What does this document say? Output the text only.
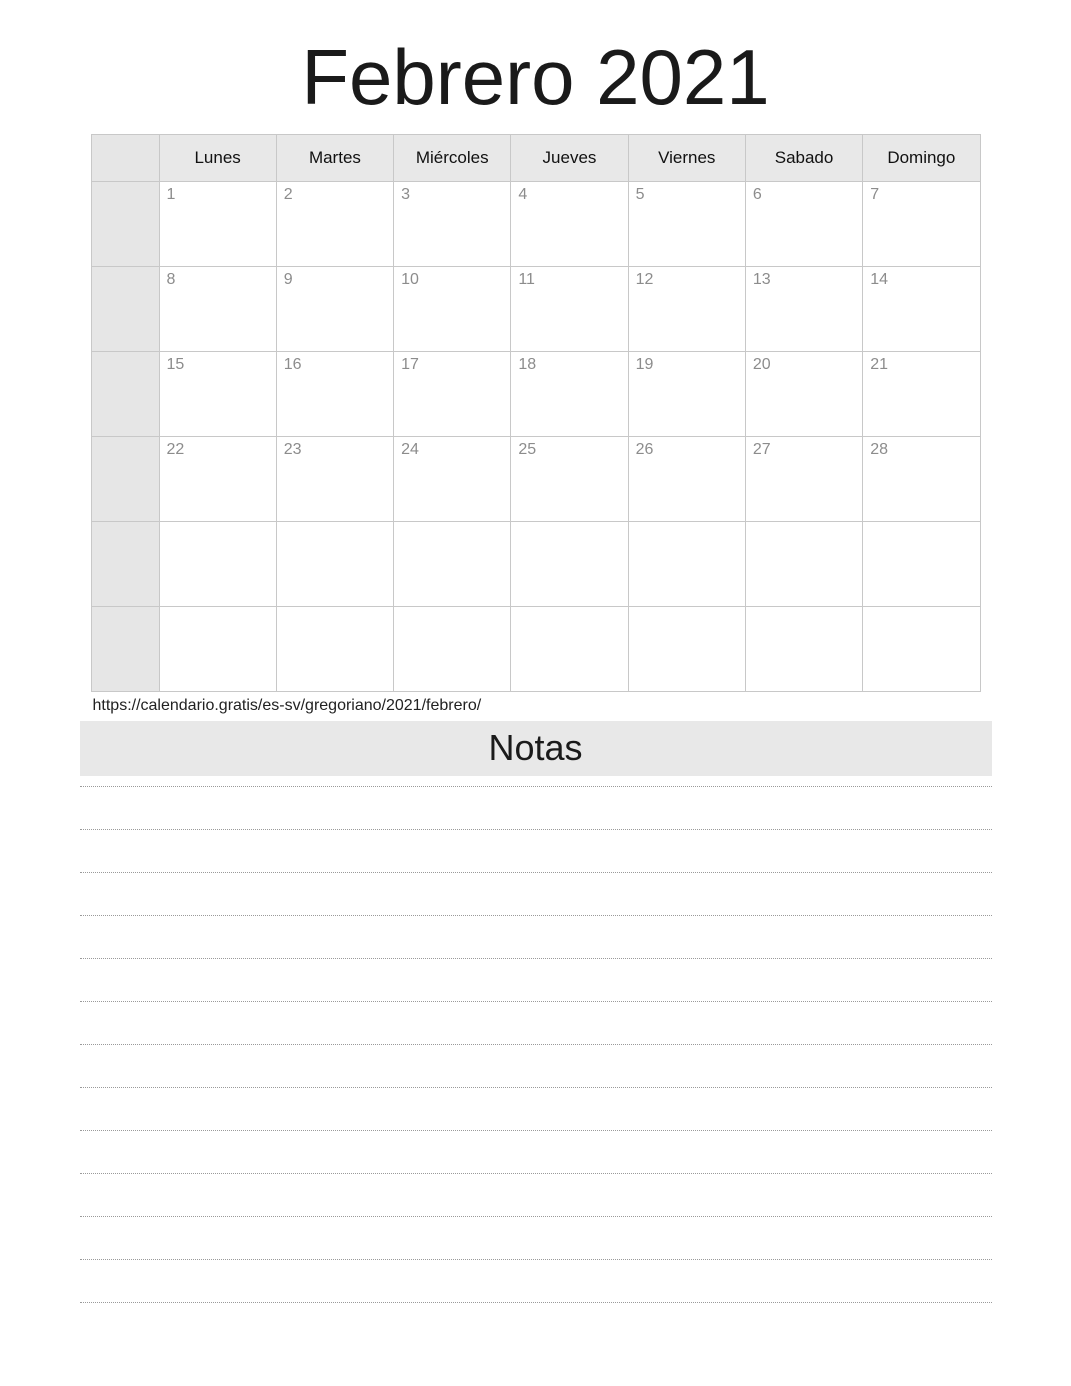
Febrero 2021
	Lunes	Martes	Miércoles	Jueves	Viernes	Sabado	Domingo

	1	2	3	4	5	6	7

	8	9	10	11	12	13	14

	15	16	17	18	19	20	21

	22	23	24	25	26	27	28

https://calendario.gratis/es-sv/gregoriano/2021/febrero/
Notas
